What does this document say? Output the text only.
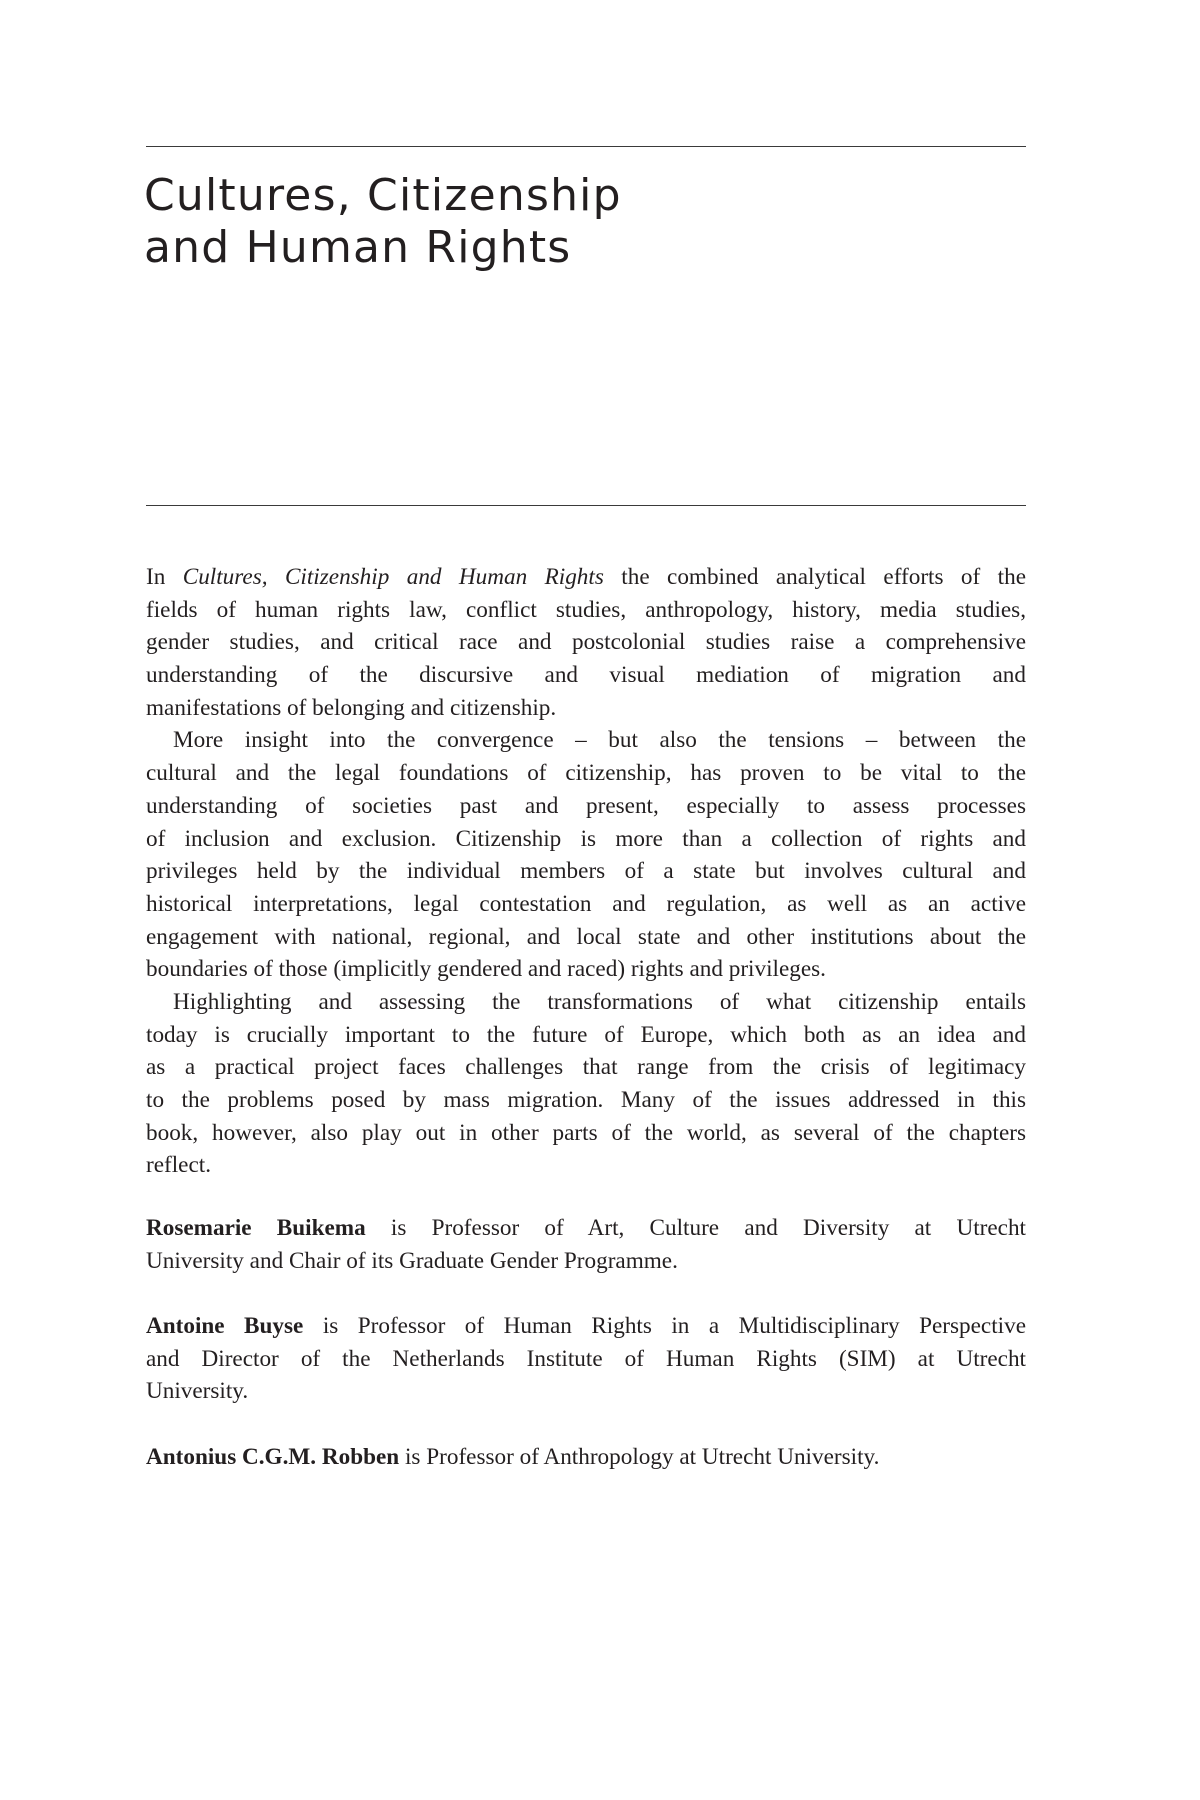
Cultures, Citizenship
and Human Rights
In Cultures, Citizenship and Human Rights the combined analytical efforts of the
fields of human rights law, conflict studies, anthropology, history, media studies,
gender studies, and critical race and postcolonial studies raise a comprehensive
understanding of the discursive and visual mediation of migration and
manifestations of belonging and citizenship.
More insight into the convergence – but also the tensions – between the
cultural and the legal foundations of citizenship, has proven to be vital to the
understanding of societies past and present, especially to assess processes
of inclusion and exclusion. Citizenship is more than a collection of rights and
privileges held by the individual members of a state but involves cultural and
historical interpretations, legal contestation and regulation, as well as an active
engagement with national, regional, and local state and other institutions about the
boundaries of those (implicitly gendered and raced) rights and privileges.
Highlighting and assessing the transformations of what citizenship entails
today is crucially important to the future of Europe, which both as an idea and
as a practical project faces challenges that range from the crisis of legitimacy
to the problems posed by mass migration. Many of the issues addressed in this
book, however, also play out in other parts of the world, as several of the chapters
reflect.
Rosemarie Buikema is Professor of Art, Culture and Diversity at Utrecht
University and Chair of its Graduate Gender Programme.
Antoine Buyse is Professor of Human Rights in a Multidisciplinary Perspective
and Director of the Netherlands Institute of Human Rights (SIM) at Utrecht
University.
Antonius C.G.M. Robben is Professor of Anthropology at Utrecht University.
